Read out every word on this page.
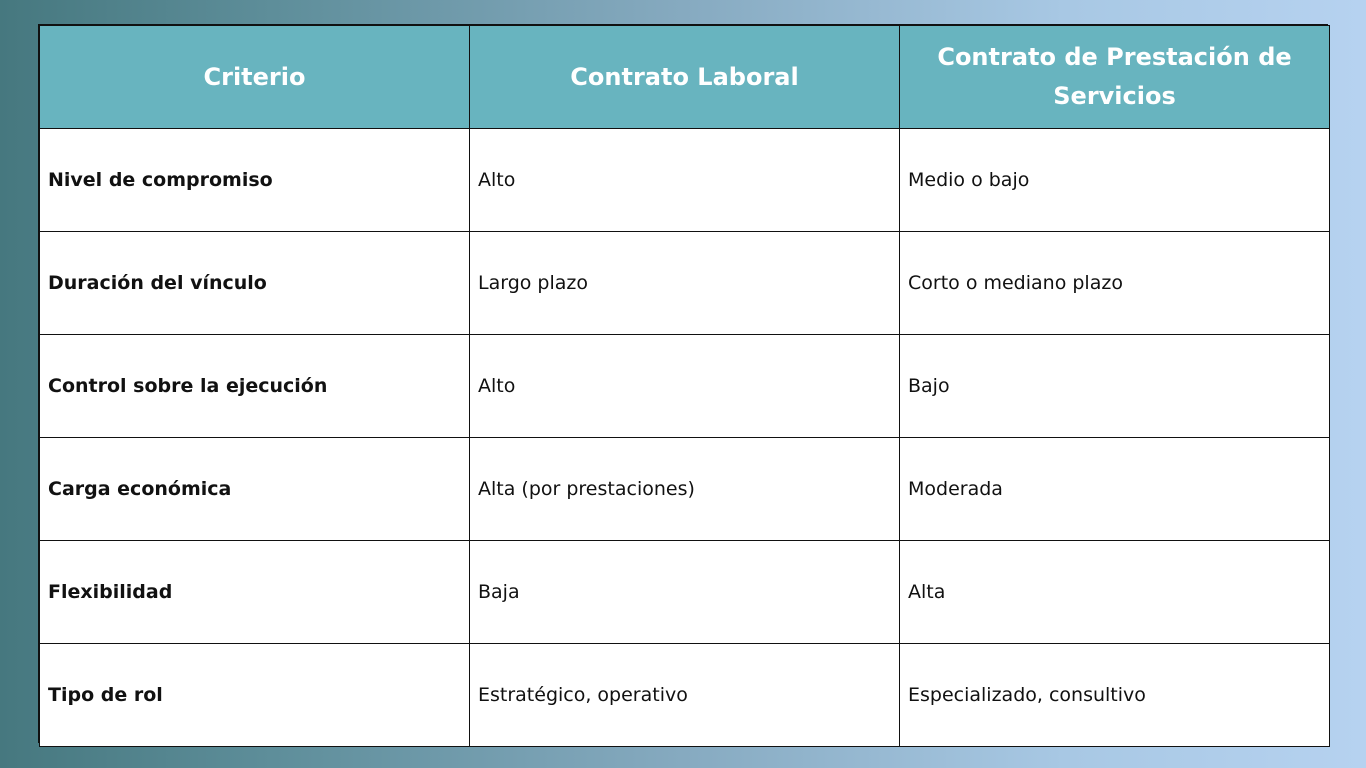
Criterio	Contrato Laboral	Contrato de Prestación de Servicios
Nivel de compromiso	Alto	Medio o bajo
Duración del vínculo	Largo plazo	Corto o mediano plazo
Control sobre la ejecución	Alto	Bajo
Carga económica	Alta (por prestaciones)	Moderada
Flexibilidad	Baja	Alta
Tipo de rol	Estratégico, operativo	Especializado, consultivo
